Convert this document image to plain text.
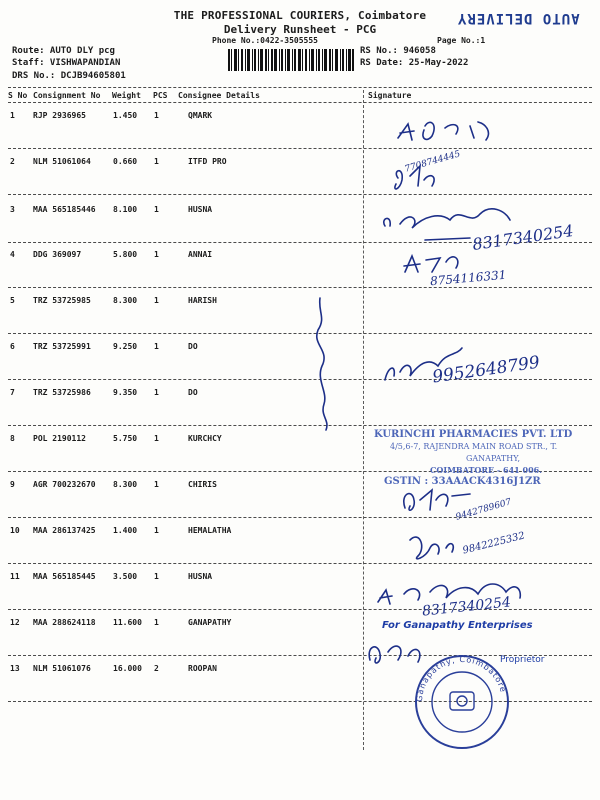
THE PROFESSIONAL COURIERS, Coimbatore
Delivery Runsheet - PCG
Phone No.:0422-3505555
AUTO DELIVERY
Page No.:1
Route: AUTO DLY pcg
Staff: VISHWAPANDIAN
DRS No.: DCJB94605801
RS No.: 946058
RS Date: 25-May-2022
S No Consignment No Weight PCS Consignee Details	Signature
1 RJP 2936965	1.450 1	QMARK
2 NLM 51061064	0.660 1	ITFD PRO
3 MAA 565185446 8.100 1	HUSNA
4 DDG 369097	5.800 1	ANNAI
5 TRZ 53725985	8.300 1	HARISH
6 TRZ 53725991	9.250 1	DO
7 TRZ 53725986	9.350 1	DO
8 POL 2190112	5.750 1	KURCHCY
9 AGR 700232670 8.300 1	CHIRIS
10 MAA 286137425 1.400 1	HEMALATHA
11 MAA 565185445 3.500 1	HUSNA
12 MAA 288624118 11.600 1	GANAPATHY
13 NLM 51061076	16.000 2	ROOPAN
7708744445
8317340254
8754116331
9952648799
9442789607
9842225332
8317340254
KURINCHI PHARMACIES PVT. LTD
4/5,6-7, RAJENDRA MAIN ROAD STR., T.
GANAPATHY,
COIMBATORE - 641 006.
GSTIN : 33AAACK4316J1ZR
For Ganapathy Enterprises
Proprietor
Ganapathy, Coimbatore
